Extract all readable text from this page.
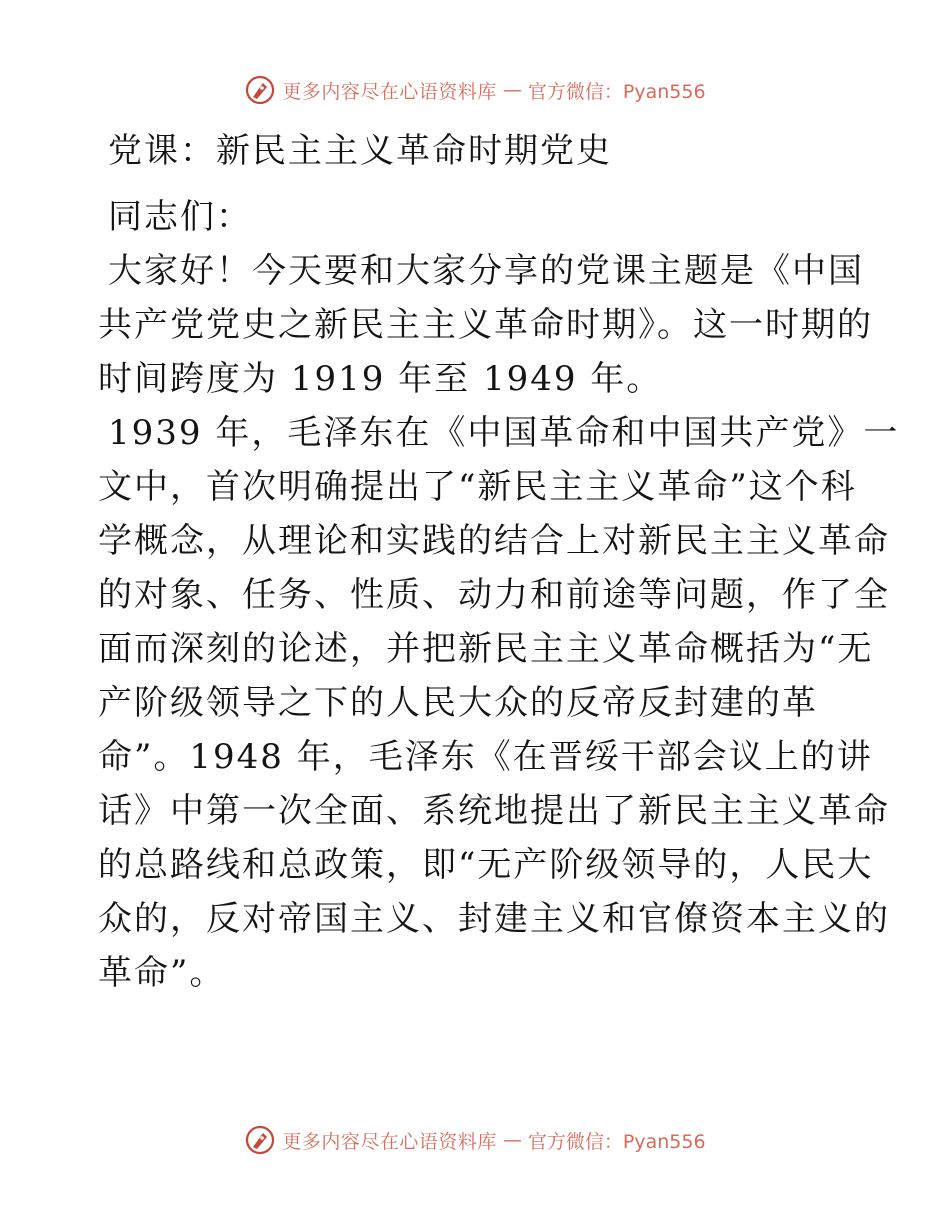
更多内容尽在心语资料库 — 官方微信：Pyan556
党课：新民主主义革命时期党史
同志们：
大家好！今天要和大家分享的党课主题是《中国
共产党党史之新民主主义革命时期》。这一时期的
时间跨度为 1919 年至 1949 年。
1939 年，毛泽东在《中国革命和中国共产党》一
文中，首次明确提出了“新民主主义革命”这个科
学概念，从理论和实践的结合上对新民主主义革命
的对象、任务、性质、动力和前途等问题，作了全
面而深刻的论述，并把新民主主义革命概括为“无
产阶级领导之下的人民大众的反帝反封建的革
命”。1948 年，毛泽东《在晋绥干部会议上的讲
话》中第一次全面、系统地提出了新民主主义革命
的总路线和总政策，即“无产阶级领导的，人民大
众的，反对帝国主义、封建主义和官僚资本主义的
革命”。
更多内容尽在心语资料库 — 官方微信：Pyan556
